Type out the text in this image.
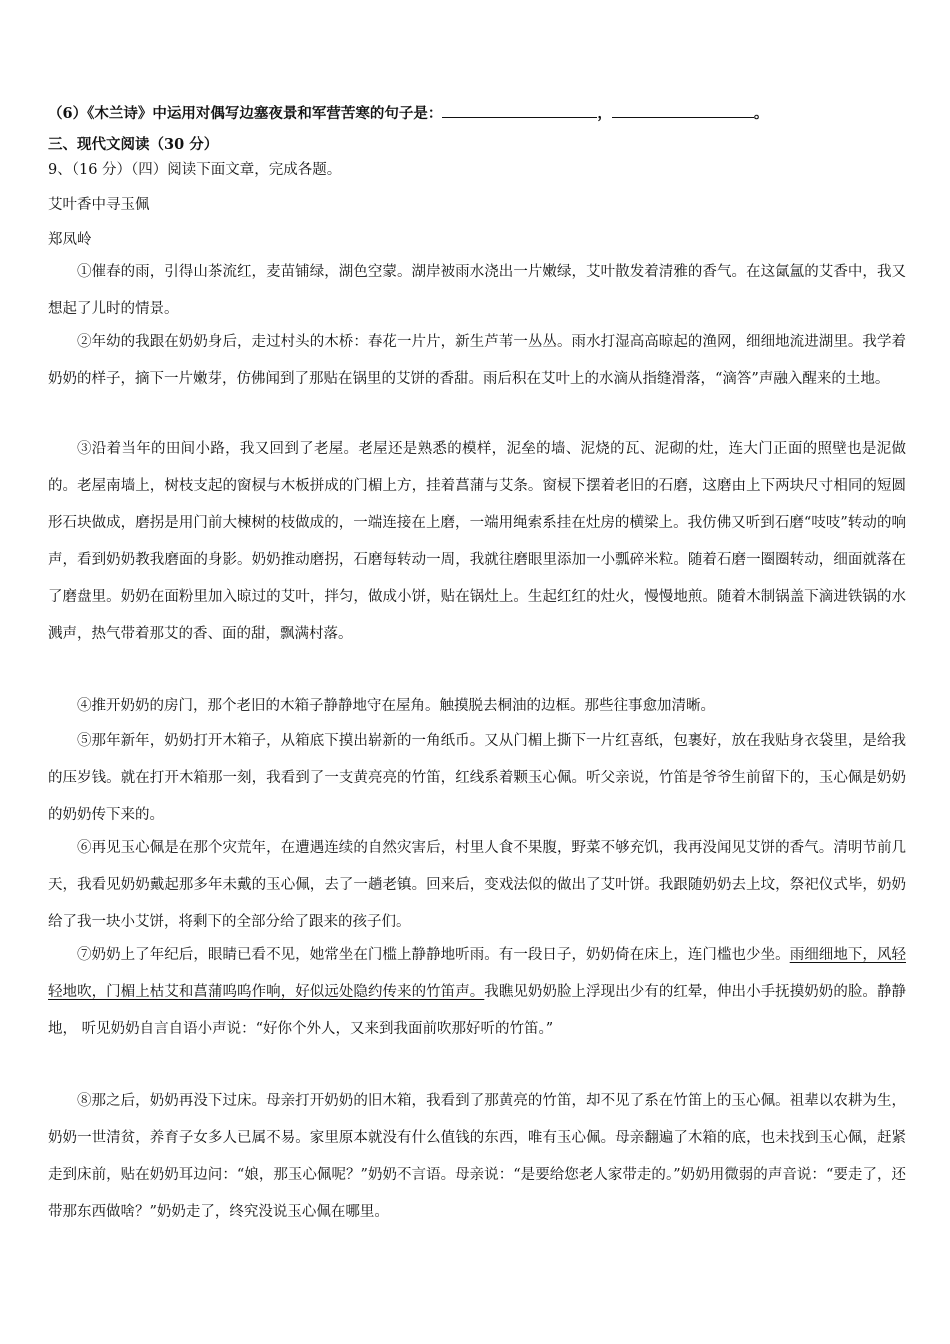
（6）《木兰诗》中运用对偶写边塞夜景和军营苦寒的句子是：	，	。
三、现代文阅读（30 分）
9、（16 分）（四）阅读下面文章，完成各题。
艾叶香中寻玉佩
郑凤岭
①催春的雨，引得山茶流红，麦苗铺绿，湖色空蒙。湖岸被雨水浇出一片嫩绿，艾叶散发着清雅的香气。在这氤氲的艾香中，我又想起了儿时的情景。
②年幼的我跟在奶奶身后，走过村头的木桥：春花一片片，新生芦苇一丛丛。雨水打湿高高晾起的渔网，细细地流进湖里。我学着奶奶的样子，摘下一片嫩芽，仿佛闻到了那贴在锅里的艾饼的香甜。雨后积在艾叶上的水滴从指缝滑落，“滴答”声融入醒来的土地。
③沿着当年的田间小路，我又回到了老屋。老屋还是熟悉的模样，泥垒的墙、泥烧的瓦、泥砌的灶，连大门正面的照壁也是泥做的。老屋南墙上，树枝支起的窗棂与木板拼成的门楣上方，挂着菖蒲与艾条。窗棂下摆着老旧的石磨，这磨由上下两块尺寸相同的短圆形石块做成，磨拐是用门前大楝树的枝做成的，一端连接在上磨，一端用绳索系挂在灶房的横梁上。我仿佛又听到石磨“吱吱”转动的响声，看到奶奶教我磨面的身影。奶奶推动磨拐，石磨每转动一周，我就往磨眼里添加一小瓢碎米粒。随着石磨一圈圈转动，细面就落在了磨盘里。奶奶在面粉里加入晾过的艾叶，拌匀，做成小饼，贴在锅灶上。生起红红的灶火，慢慢地煎。随着木制锅盖下滴进铁锅的水溅声，热气带着那艾的香、面的甜，飘满村落。
④推开奶奶的房门，那个老旧的木箱子静静地守在屋角。触摸脱去桐油的边框。那些往事愈加清晰。
⑤那年新年，奶奶打开木箱子，从箱底下摸出崭新的一角纸币。又从门楣上撕下一片红喜纸，包裹好，放在我贴身衣袋里，是给我的压岁钱。就在打开木箱那一刻，我看到了一支黄亮亮的竹笛，红线系着颗玉心佩。听父亲说，竹笛是爷爷生前留下的，玉心佩是奶奶的奶奶传下来的。
⑥再见玉心佩是在那个灾荒年，在遭遇连续的自然灾害后，村里人食不果腹，野菜不够充饥，我再没闻见艾饼的香气。清明节前几天，我看见奶奶戴起那多年未戴的玉心佩，去了一趟老镇。回来后，变戏法似的做出了艾叶饼。我跟随奶奶去上坟，祭祀仪式毕，奶奶给了我一块小艾饼，将剩下的全部分给了跟来的孩子们。
⑦奶奶上了年纪后，眼睛已看不见，她常坐在门槛上静静地听雨。有一段日子，奶奶倚在床上，连门槛也少坐。雨细细地下，风轻轻地吹，门楣上枯艾和菖蒲呜呜作响，好似远处隐约传来的竹笛声。我瞧见奶奶脸上浮现出少有的红晕，伸出小手抚摸奶奶的脸。静静地， 听见奶奶自言自语小声说：“好你个外人，又来到我面前吹那好听的竹笛。”
⑧那之后，奶奶再没下过床。母亲打开奶奶的旧木箱，我看到了那黄亮的竹笛，却不见了系在竹笛上的玉心佩。祖辈以农耕为生，奶奶一世清贫，养育子女多人已属不易。家里原本就没有什么值钱的东西，唯有玉心佩。母亲翻遍了木箱的底，也未找到玉心佩，赶紧走到床前，贴在奶奶耳边问：“娘，那玉心佩呢？”奶奶不言语。母亲说：“是要给您老人家带走的。”奶奶用微弱的声音说：“要走了，还带那东西做啥？”奶奶走了，终究没说玉心佩在哪里。
